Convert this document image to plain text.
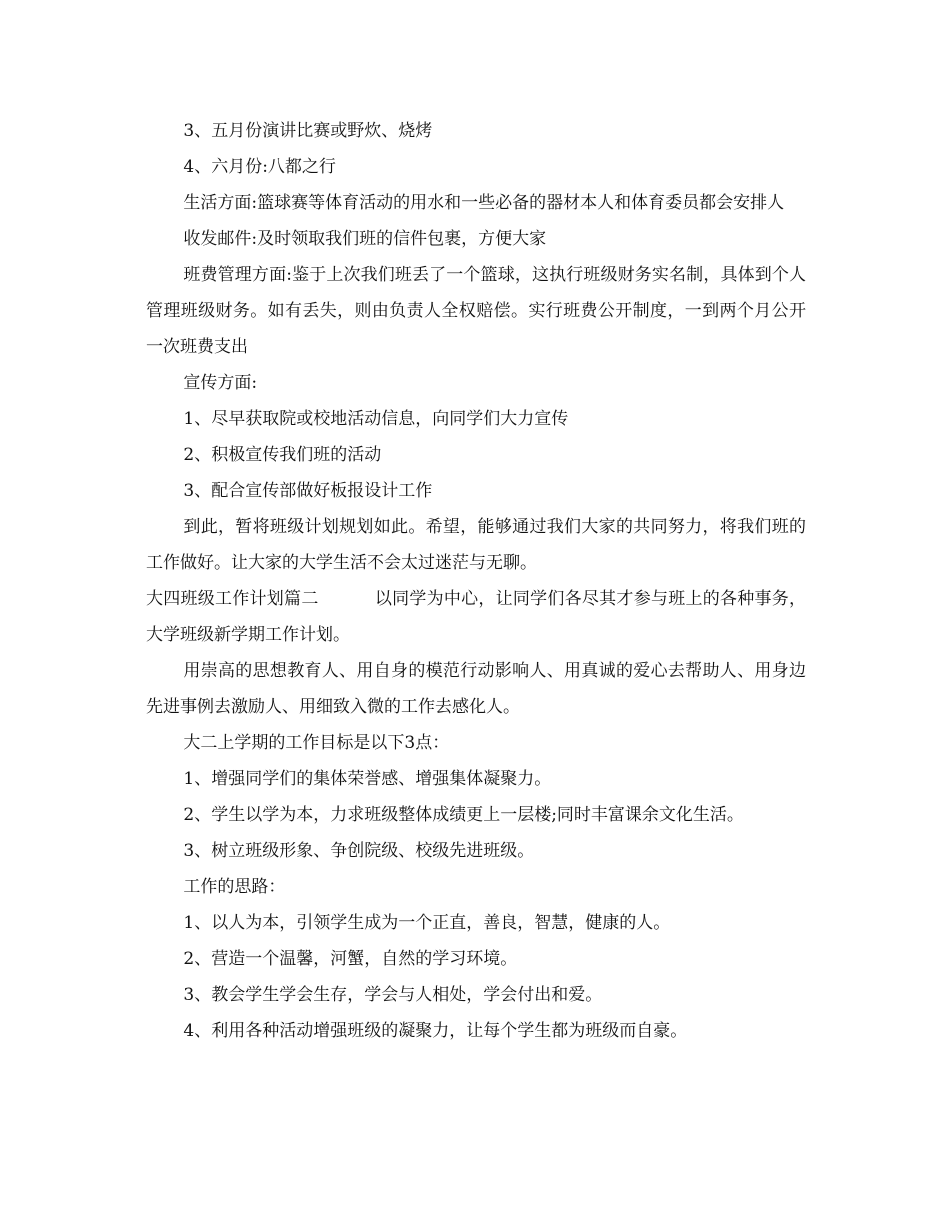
3、五月份演讲比赛或野炊、烧烤

4、六月份:八都之行

生活方面:篮球赛等体育活动的用水和一些必备的器材本人和体育委员都会安排人

收发邮件:及时领取我们班的信件包裹，方便大家

班费管理方面:鉴于上次我们班丢了一个篮球，这执行班级财务实名制，具体到个人管理班级财务。如有丢失，则由负责人全权赔偿。实行班费公开制度，一到两个月公开一次班费支出

宣传方面:

1、尽早获取院或校地活动信息，向同学们大力宣传

2、积极宣传我们班的活动

3、配合宣传部做好板报设计工作

到此，暂将班级计划规划如此。希望，能够通过我们大家的共同努力，将我们班的工作做好。让大家的大学生活不会太过迷茫与无聊。

大四班级工作计划篇二	以同学为中心，让同学们各尽其才参与班上的各种事务，大学班级新学期工作计划。

用崇高的思想教育人、用自身的模范行动影响人、用真诚的爱心去帮助人、用身边先进事例去激励人、用细致入微的工作去感化人。

大二上学期的工作目标是以下3点：

1、增强同学们的集体荣誉感、增强集体凝聚力。

2、学生以学为本，力求班级整体成绩更上一层楼;同时丰富课余文化生活。

3、树立班级形象、争创院级、校级先进班级。

工作的思路：

1、以人为本，引领学生成为一个正直，善良，智慧，健康的人。

2、营造一个温馨，河蟹，自然的学习环境。

3、教会学生学会生存，学会与人相处，学会付出和爱。

4、利用各种活动增强班级的凝聚力，让每个学生都为班级而自豪。
